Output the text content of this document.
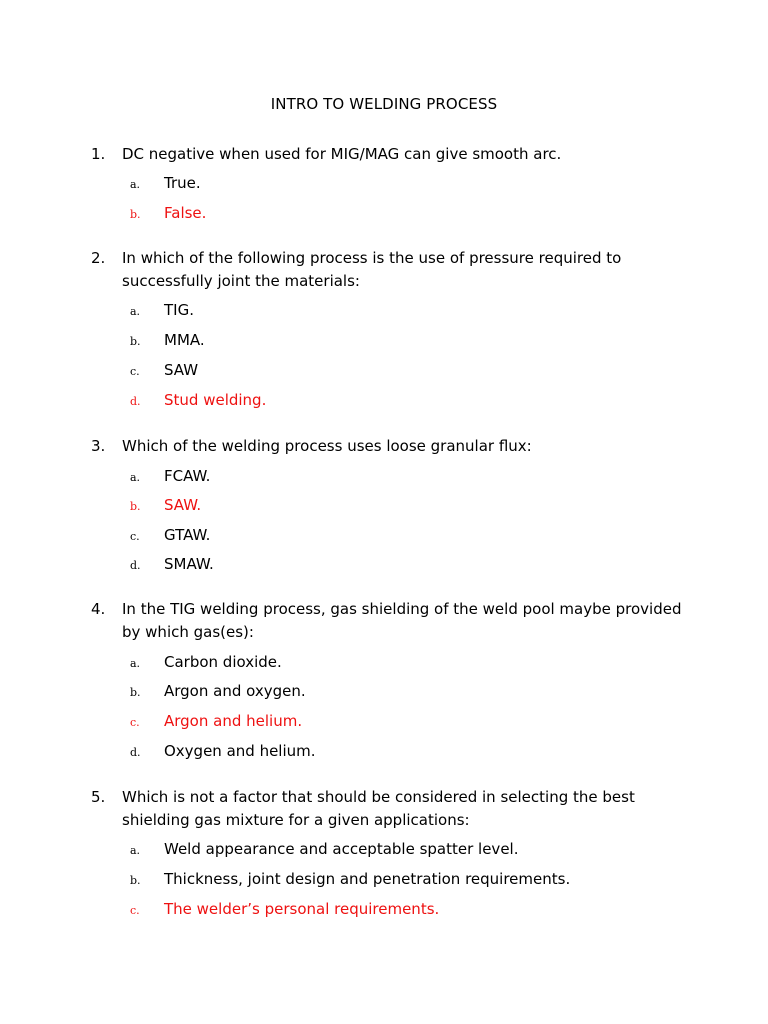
INTRO TO WELDING PROCESS
1.	DC negative when used for MIG/MAG can give smooth arc.
a. True.
b. False.
2.	In which of the following process is the use of pressure required to successfully joint the materials:
a. TIG.
b. MMA.
c. SAW
d. Stud welding.
3.	Which of the welding process uses loose granular flux:
a. FCAW.
b. SAW.
c. GTAW.
d. SMAW.
4.	In the TIG welding process, gas shielding of the weld pool maybe provided by which gas(es):
a. Carbon dioxide.
b. Argon and oxygen.
c. Argon and helium.
d. Oxygen and helium.
5.	Which is not a factor that should be considered in selecting the best shielding gas mixture for a given applications:
a. Weld appearance and acceptable spatter level.
b. Thickness, joint design and penetration requirements.
c. The welder’s personal requirements.
